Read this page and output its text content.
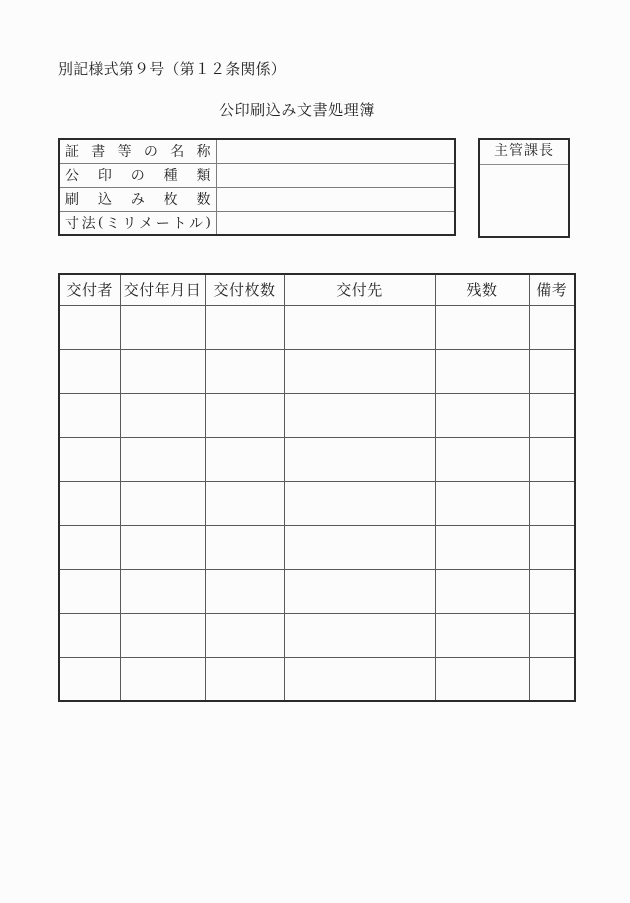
別記様式第９号（第１２条関係）
公印刷込み文書処理簿
証 書 等 の 名 称

公 印 の 種 類	

刷 込 み 枚 数	

寸 法 ( ミ リ メ ー ト ル )

主管課長
交付者	交付年月日	交付枚数	交付先	残数	備考
